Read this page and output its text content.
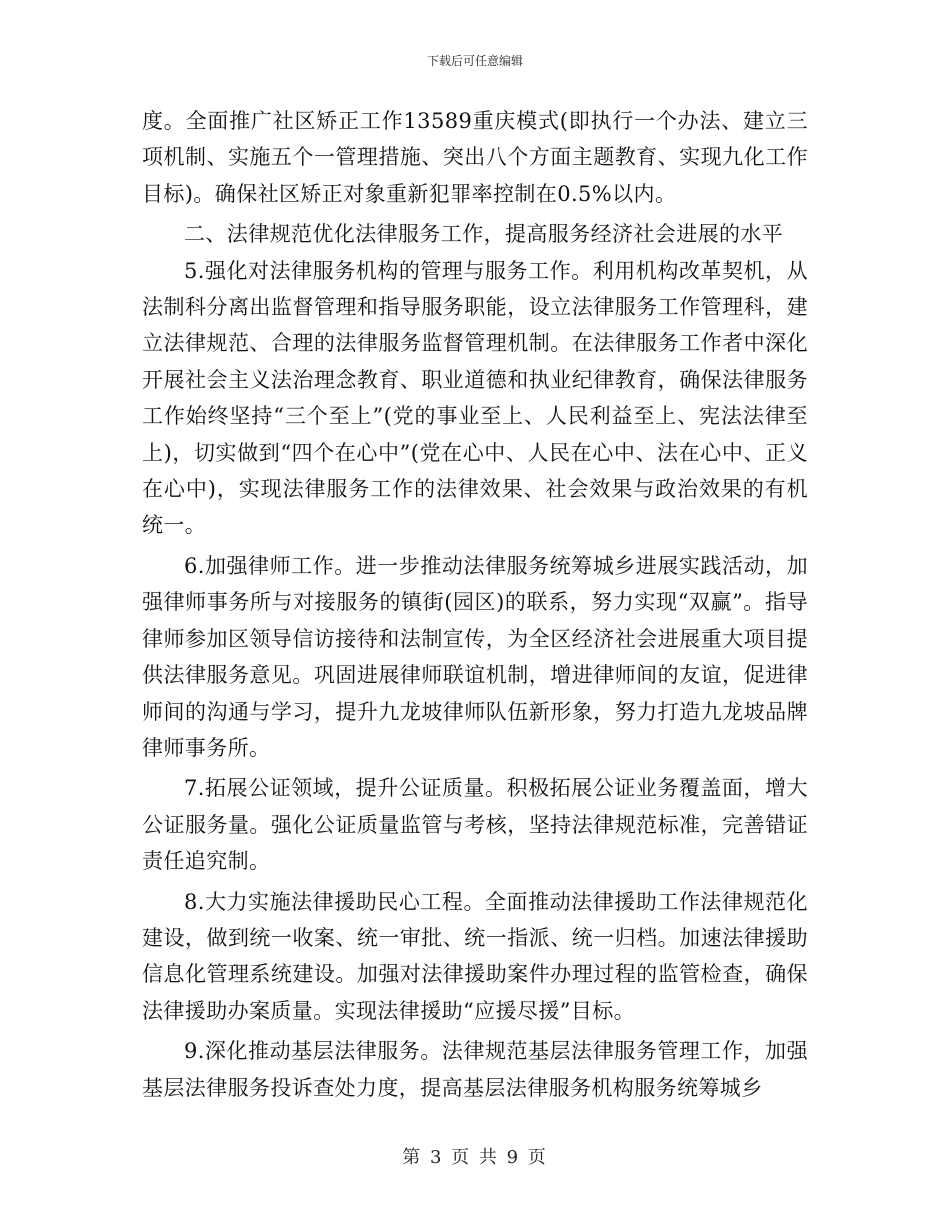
下载后可任意编辑

度。全面推广社区矫正工作13589重庆模式(即执行一个办法、建立三项机制、实施五个一管理措施、突出八个方面主题教育、实现九化工作目标)。确保社区矫正对象重新犯罪率控制在0.5%以内。

二、法律规范优化法律服务工作，提高服务经济社会进展的水平

5.强化对法律服务机构的管理与服务工作。利用机构改革契机，从法制科分离出监督管理和指导服务职能，设立法律服务工作管理科，建立法律规范、合理的法律服务监督管理机制。在法律服务工作者中深化开展社会主义法治理念教育、职业道德和执业纪律教育，确保法律服务工作始终坚持“三个至上”(党的事业至上、人民利益至上、宪法法律至上)，切实做到“四个在心中”(党在心中、人民在心中、法在心中、正义在心中)，实现法律服务工作的法律效果、社会效果与政治效果的有机统一。

6.加强律师工作。进一步推动法律服务统筹城乡进展实践活动，加强律师事务所与对接服务的镇街(园区)的联系，努力实现“双赢”。指导律师参加区领导信访接待和法制宣传，为全区经济社会进展重大项目提供法律服务意见。巩固进展律师联谊机制，增进律师间的友谊，促进律师间的沟通与学习，提升九龙坡律师队伍新形象，努力打造九龙坡品牌律师事务所。

7.拓展公证领域，提升公证质量。积极拓展公证业务覆盖面，增大公证服务量。强化公证质量监管与考核，坚持法律规范标准，完善错证责任追究制。

8.大力实施法律援助民心工程。全面推动法律援助工作法律规范化建设，做到统一收案、统一审批、统一指派、统一归档。加速法律援助信息化管理系统建设。加强对法律援助案件办理过程的监管检查，确保法律援助办案质量。实现法律援助“应援尽援”目标。

9.深化推动基层法律服务。法律规范基层法律服务管理工作，加强基层法律服务投诉查处力度，提高基层法律服务机构服务统筹城乡

第 3 页 共 9 页
